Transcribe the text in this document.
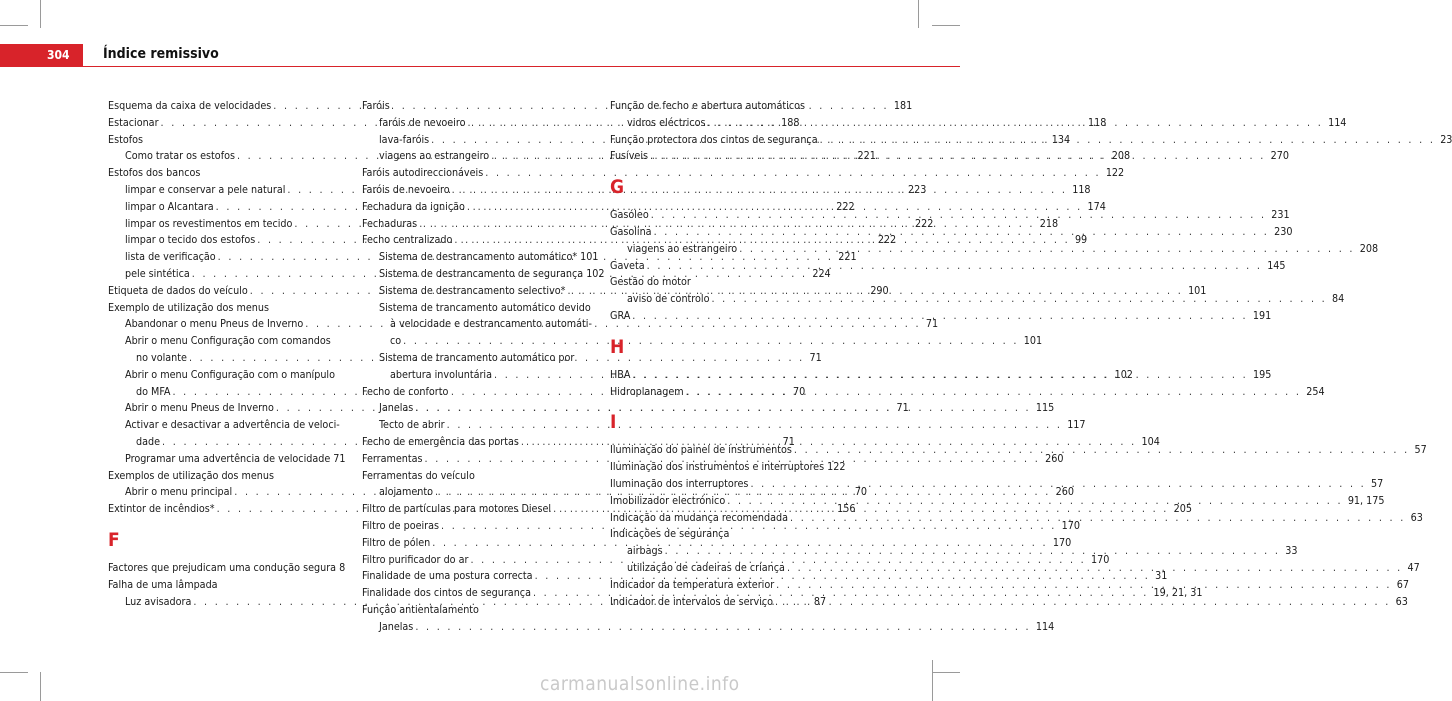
304 Índice remissivo
Esquema da caixa de velocidades . . .	181
Estacionar . . .	188
Estofos
Como tratar os estofos . . .	221
Estofos dos bancos
limpar e conservar a pele natural . . .	223
limpar o Alcantara . . .	222
limpar os revestimentos em tecido . . .	222
limpar o tecido dos estofos . . .	222
lista de verificação . . .	221
pele sintética . . .	224
Etiqueta de dados do veículo . . .	290
Exemplo de utilização dos menus
Abandonar o menu Pneus de Inverno . . .	71
Abrir o menu Configuração com comandos
no volante . . .	71
Abrir o menu Configuração com o manípulo
do MFA . . .	70
Abrir o menu Pneus de Inverno . . .	71
Activar e desactivar a advertência de veloci-
dade . . .	71
Programar uma advertência de velocidade 71
Exemplos de utilização dos menus
Abrir o menu principal . . .	70
Extintor de incêndios* . . .	156
F
Factores que prejudicam uma condução segura 8
Falha de uma lâmpada
Luz avisadora . . .	87
Faróis
faróis de nevoeiro . . .	118
lava-faróis . . .	134
viagens ao estrangeiro . . .	208
Faróis autodireccionáveis . . .	122
Faróis de nevoeiro . . .	118
Fechadura da ignição . . .	174
Fechaduras . . .	218
Fecho centralizado . . .	99
Sistema de destrancamento automático* 101
Sistema de destrancamento de segurança 102
Sistema de destrancamento selectivo* . . .	101
Sistema de trancamento automático devido
à velocidade e destrancamento automáti-
co . . .	101
Sistema de trancamento automático por
abertura involuntária . . .	102
Fecho de conforto
Janelas . . .	115
Tecto de abrir . . .	117
Fecho de emergência das portas . . .	104
Ferramentas . . .	260
Ferramentas do veículo
alojamento . . .	260
Filtro de partículas para motores Diesel . . .	205
Filtro de poeiras . . .	170
Filtro de pólen . . .	170
Filtro purificador do ar . . .	170
Finalidade de uma postura correcta . . .	31
Finalidade dos cintos de segurança . . .	19, 21, 31
Função antientalamento
Janelas . . .	114
Função de fecho e abertura automáticos
vidros eléctricos . . .	114
Função protectora dos cintos de segurança . . .	23
Fusíveis . . .	270
G
Gasóleo . . .	231
Gasolina . . .	230
viagens ao estrangeiro . . .	208
Gaveta . . .	145
Gestão do motor
aviso de controlo . . .	84
GRA . . .	191
H
HBA . . .	195
Hidroplanagem . . .	254
I
Iluminação do painel de instrumentos . . .	57
Iluminação dos instrumentos e interruptores 122
Iluminação dos interruptores . . .	57
Imobilizador electrónico . . .	91, 175
Indicação da mudança recomendada . . .	63
Indicações de segurança
airbags . . .	33
utilização de cadeiras de criança . . .	47
Indicador da temperatura exterior . . .	67
Indicador de intervalos de serviço . . .	63
carmanualsonline.info
